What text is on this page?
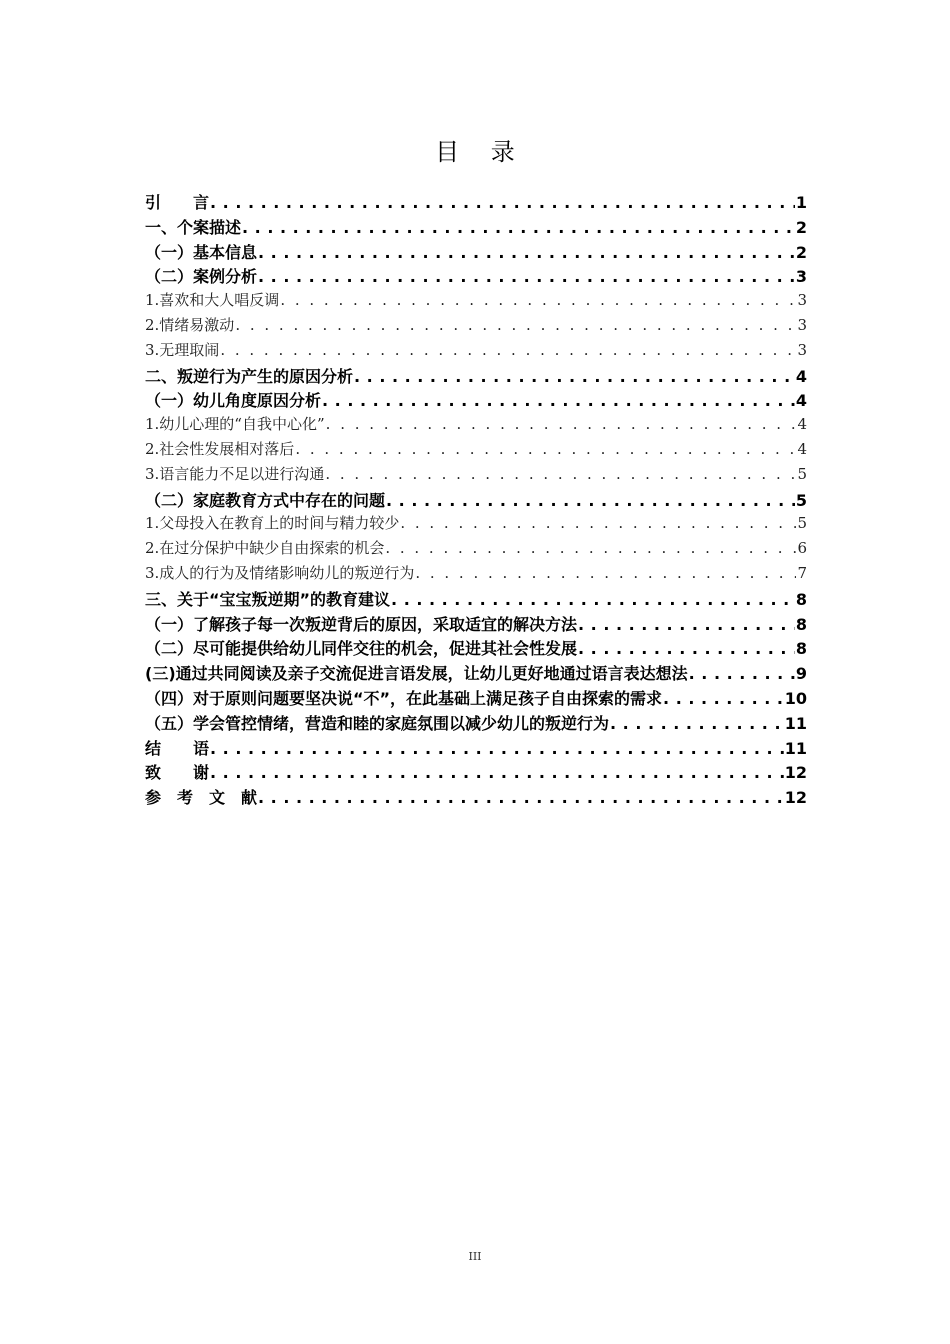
目 录
引　　言 . . .	1
一、个案描述 . . .	2
（一）基本信息 . . .	2
（二）案例分析 . . .	3
1.喜欢和大人唱反调 . . .	3
2.情绪易激动 . . .	3
3.无理取闹 . . .	3
二、叛逆行为产生的原因分析 . . .	4
（一）幼儿角度原因分析 . . .	4
1.幼儿心理的“自我中心化” . . .	4
2.社会性发展相对落后 . . .	4
3.语言能力不足以进行沟通 . . .	5
（二）家庭教育方式中存在的问题 . . .	5
1.父母投入在教育上的时间与精力较少 . . .	5
2.在过分保护中缺少自由探索的机会 . . .	6
3.成人的行为及情绪影响幼儿的叛逆行为 . . .	7
三、关于“宝宝叛逆期”的教育建议 . . .	8
（一）了解孩子每一次叛逆背后的原因，采取适宜的解决方法 . . .	8
（二）尽可能提供给幼儿同伴交往的机会，促进其社会性发展 . . .	8
(三)通过共同阅读及亲子交流促进言语发展，让幼儿更好地通过语言表达想法 . . .	9
（四）对于原则问题要坚决说“不”，在此基础上满足孩子自由探索的需求 . . .	10
（五）学会管控情绪，营造和睦的家庭氛围以减少幼儿的叛逆行为 . . .	11
结　　语 . . .	11
致　　谢 . . .	12
参　考　文　献 . . .	12
III
